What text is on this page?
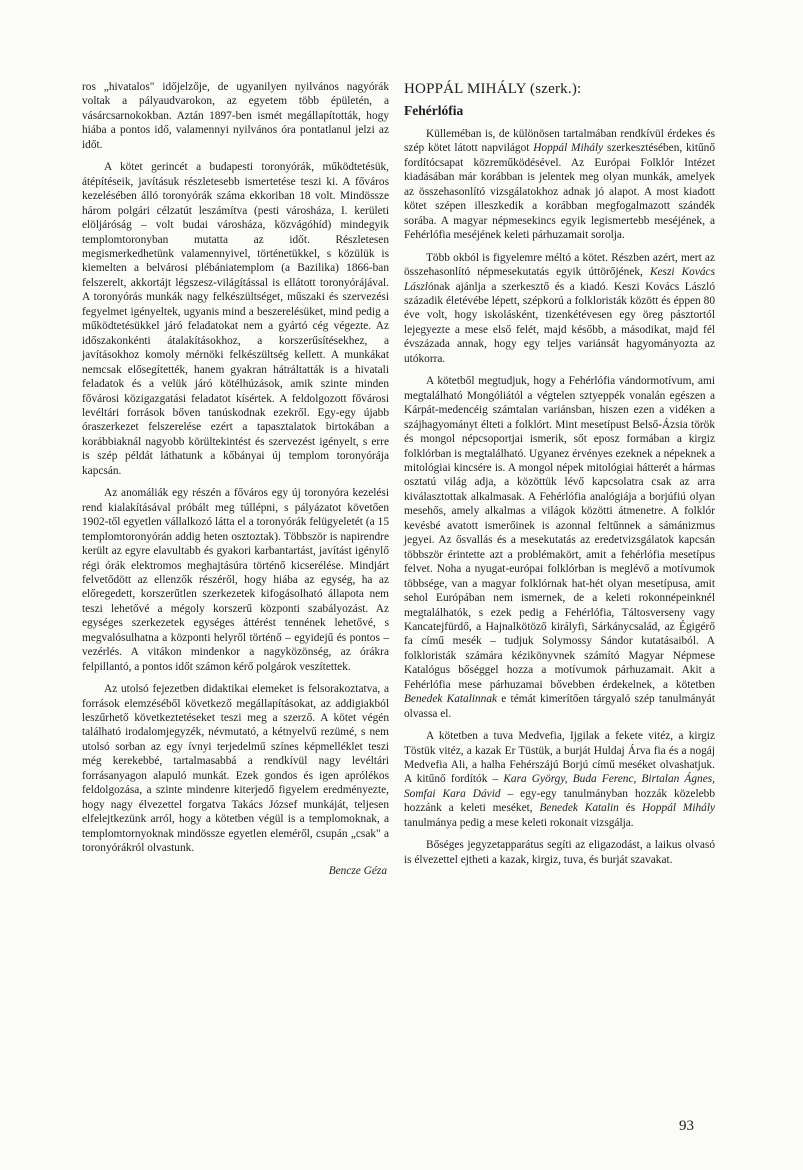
ros „hivatalos" időjelzője, de ugyanilyen nyilvános nagyórák voltak a pályaudvarokon, az egyetem több épületén, a vásárcsarnokokban. Aztán 1897-ben ismét megállapították, hogy hiába a pontos idő, valamennyi nyilvános óra pontatlanul jelzi az időt.

A kötet gerincét a budapesti toronyórák, működtetésük, átépítéseik, javításuk részletesebb ismertetése teszi ki. A főváros kezelésében álló toronyórák száma ekkoriban 18 volt. Mindössze három polgári célzatút leszámítva (pesti városháza, I. kerületi elöljáróság – volt budai városháza, közvágóhíd) mindegyik templomtoronyban mutatta az időt. Részletesen megismerkedhetünk valamennyivel, történetükkel, s közülük is kiemelten a belvárosi plébániatemplom (a Bazilika) 1866-ban felszerelt, akkortájt légszesz-világítással is ellátott toronyórájával. A toronyórás munkák nagy felkészültséget, műszaki és szervezési fegyelmet igényeltek, ugyanis mind a beszerelésüket, mind pedig a működtetésükkel járó feladatokat nem a gyártó cég végezte. Az időszakonkénti átalakításokhoz, a korszerűsítésekhez, a javításokhoz komoly mérnöki felkészültség kellett. A munkákat nemcsak elősegítették, hanem gyakran hátráltatták is a hivatali feladatok és a velük járó kötélhúzások, amik szinte minden fővárosi közigazgatási feladatot kísértek. A feldolgozott fővárosi levéltári források bőven tanúskodnak ezekről. Egy-egy újabb óraszerkezet felszerelése ezért a tapasztalatok birtokában a korábbiaknál nagyobb körültekintést és szervezést igényelt, s erre is szép példát láthatunk a kőbányai új templom toronyórája kapcsán.

Az anomáliák egy részén a főváros egy új toronyóra kezelési rend kialakításával próbált meg túllépni, s pályázatot követően 1902-től egyetlen vállalkozó látta el a toronyórák felügyeletét (a 15 templomtoronyórán addig heten osztoztak). Többször is napirendre került az egyre elavultabb és gyakori karbantartást, javítást igénylő régi órák elektromos meghajtásúra történő kicserélése. Mindjárt felvetődött az ellenzők részéről, hogy hiába az egység, ha az előregedett, korszerűtlen szerkezetek kifogásolható állapota nem teszi lehetővé a mégoly korszerű központi szabályozást. Az egységes szerkezetek egységes áttérést tennének lehetővé, s megvalósulhatna a központi helyről történő – egyidejű és pontos – vezérlés. A vitákon mindenkor a nagyközönség, az órákra felpillantó, a pontos időt számon kérő polgárok veszítettek.

Az utolsó fejezetben didaktikai elemeket is felsorakoztatva, a források elemzéséből következő megállapításokat, az addigiakból leszűrhető következtetéseket teszi meg a szerző. A kötet végén található irodalomjegyzék, névmutató, a kétnyelvű rezümé, s nem utolsó sorban az egy ívnyi terjedelmű színes képmelléklet teszi még kerekebbé, tartalmasabbá a rendkívül nagy levéltári forrásanyagon alapuló munkát. Ezek gondos és igen aprólékos feldolgozása, a szinte mindenre kiterjedő figyelem eredményezte, hogy nagy élvezettel forgatva Takács József munkáját, teljesen elfelejtkezünk arról, hogy a kötetben végül is a templomoknak, a templomtornyoknak mindössze egyetlen eleméről, csupán „csak" a toronyórákról olvastunk.

Bencze Géza
HOPPÁL MIHÁLY (szerk.):
Fehérlófia

Külleméban is, de különösen tartalmában rendkívül érdekes és szép kötet látott napvilágot Hoppál Mihály szerkesztésében, kitűnő fordítócsapat közreműködésével. Az Európai Folklór Intézet kiadásában már korábban is jelentek meg olyan munkák, amelyek az összehasonlító vizsgálatokhoz adnak jó alapot. A most kiadott kötet szépen illeszkedik a korábban megfogalmazott szándék sorába. A magyar népmesekincs egyik legismertebb meséjének, a Fehérlófia meséjének keleti párhuzamait sorolja.

Több okból is figyelemre méltó a kötet. Részben azért, mert az összehasonlító népmesekutatás egyik úttörőjének, Keszi Kovács Lászlónak ajánlja a szerkesztő és a kiadó. Keszi Kovács László századik életévébe lépett, szépkorú a folkloristák között és éppen 80 éve volt, hogy iskolásként, tizenkétévesen egy öreg pásztortól lejegyezte a mese első felét, majd később, a másodikat, majd fél évszázada annak, hogy egy teljes variánsát hagyományozta az utókorra.

A kötetből megtudjuk, hogy a Fehérlófia vándormotívum, ami megtalálható Mongóliától a végtelen sztyeppék vonalán egészen a Kárpát-medencéig számtalan variánsban, hiszen ezen a vidéken a szájhagyományt élteti a folklórt. Mint mesetípust Belső-Ázsia török és mongol népcsoportjai ismerik, sőt eposz formában a kirgiz folklórban is megtalálható. Ugyanez érvényes ezeknek a népeknek a mitológiai kincsére is. A mongol népek mitológiai hátterét a hármas osztatú világ adja, a közöttük lévő kapcsolatra csak az arra kiválasztottak alkalmasak. A Fehérlófia analógiája a borjúfiú olyan mesehős, amely alkalmas a világok közötti átmenetre. A folklór kevésbé avatott ismerőinek is azonnal feltűnnek a sámánizmus jegyei. Az ősvallás és a mesekutatás az eredetvizsgálatok kapcsán többször érintette azt a problémakört, amit a fehérlófia mesetípus felvet. Noha a nyugat-európai folklórban is meglévő a motívumok többsége, van a magyar folklórnak hat-hét olyan mesetípusa, amit sehol Európában nem ismernek, de a keleti rokonnépeinknél megtalálhatók, s ezek pedig a Fehérlófia, Táltosverseny vagy Kancatejfürdő, a Hajnalkötöző királyfi, Sárkánycsalád, az Égigérő fa című mesék – tudjuk Solymossy Sándor kutatásaiból. A folkloristák számára kézikönyvnek számító Magyar Népmese Katalógus bőséggel hozza a motívumok párhuzamait. Akit a Fehérlófia mese párhuzamai bővebben érdekelnek, a kötetben Benedek Katalinnak e témát kimerítően tárgyaló szép tanulmányát olvassa el.

A kötetben a tuva Medvefia, Ijgilak a fekete vitéz, a kirgiz Töstük vitéz, a kazak Er Tüstük, a burját Huldaj Árva fia és a nogáj Medvefia Ali, a halha Fehérszájú Borjú című meséket olvashatjuk. A kitűnő fordítók – Kara György, Buda Ferenc, Birtalan Ágnes, Somfai Kara Dávid – egy-egy tanulmányban hozzák közelebb hozzánk a keleti meséket, Benedek Katalin és Hoppál Mihály tanulmánya pedig a mese keleti rokonait vizsgálja.

Bőséges jegyzetapparátus segíti az eligazodást, a laikus olvasó is élvezettel ejtheti a kazak, kirgiz, tuva, és burját szavakat.

93
